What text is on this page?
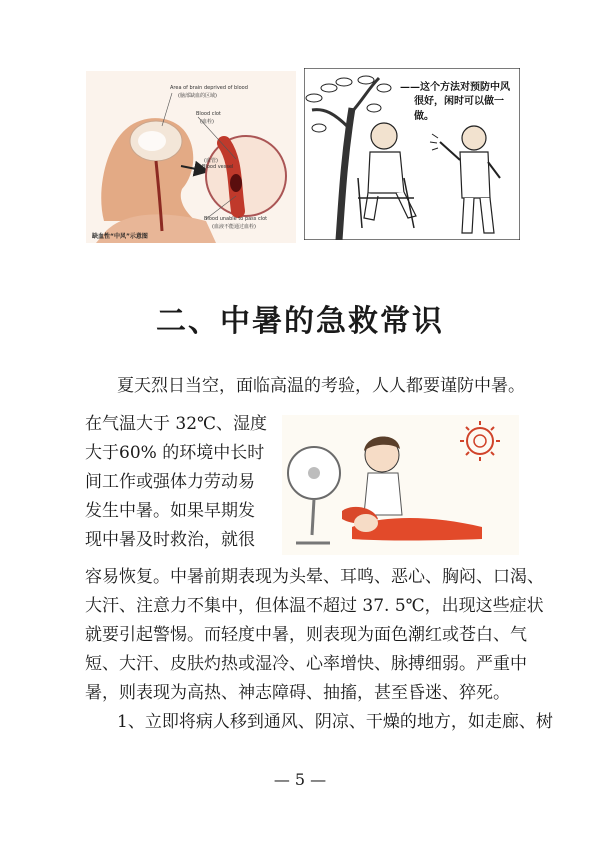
Area of brain deprived of blood
(脑部缺血的区域)
Blood clot
(血栓)
(血管)
Blood vessel
Blood unable to pass clot
(血液不能通过血栓)
缺血性“中风”示意图
——这个方法对预防中风
很好，闲时可以做一做。
二、中暑的急救常识
夏天烈日当空，面临高温的考验，人人都要谨防中暑。
在气温大于 32℃、湿度
大于60% 的环境中长时
间工作或强体力劳动易
发生中暑。如果早期发
现中暑及时救治，就很
容易恢复。中暑前期表现为头晕、耳鸣、恶心、胸闷、口渴、
大汗、注意力不集中，但体温不超过 37. 5℃，出现这些症状
就要引起警惕。而轻度中暑，则表现为面色潮红或苍白、气
短、大汗、皮肤灼热或湿冷、心率增快、脉搏细弱。严重中
暑，则表现为高热、神志障碍、抽搐，甚至昏迷、猝死。
1、立即将病人移到通风、阴凉、干燥的地方，如走廊、树
— 5 —
